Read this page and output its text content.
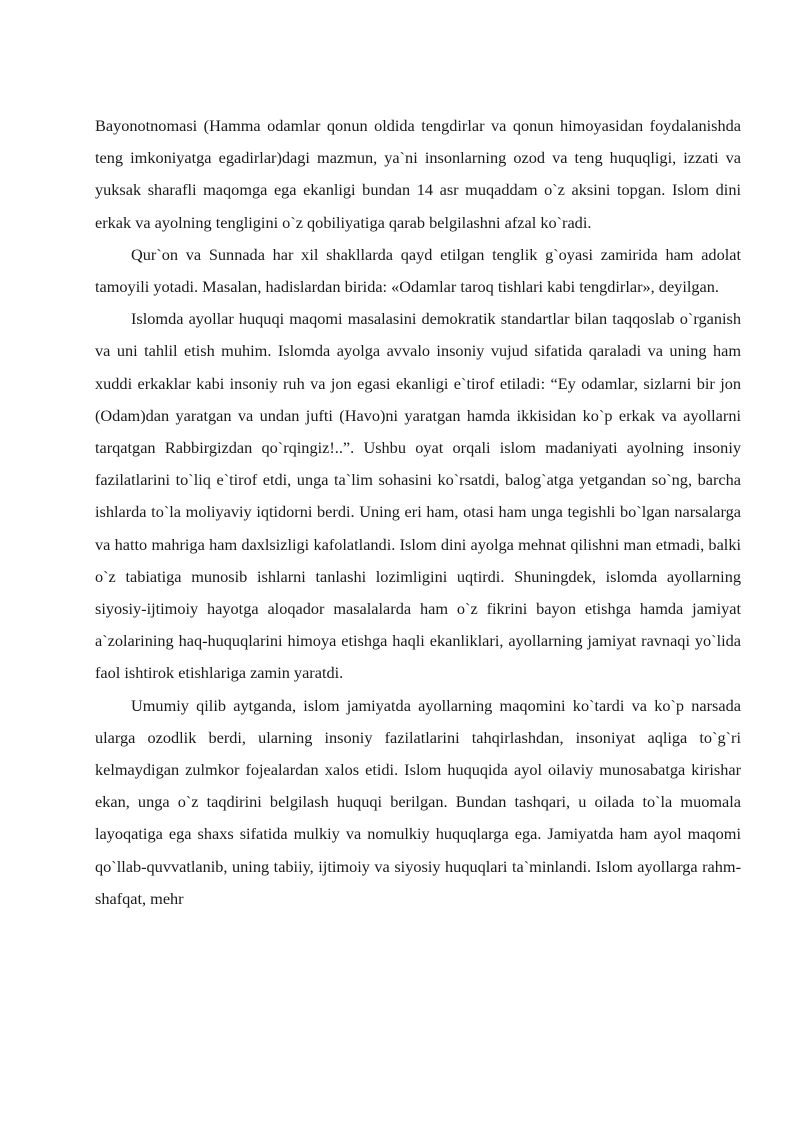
Bayonotnomasi (Hamma odamlar qonun oldida tengdirlar va qonun himoyasidan foydalanishda teng imkoniyatga egadirlar)dagi mazmun, ya`ni insonlarning ozod va teng huquqligi, izzati va yuksak sharafli maqomga ega ekanligi bundan 14 asr muqaddam o`z aksini topgan. Islom dini erkak va ayolning tengligini o`z qobiliyatiga qarab belgilashni afzal ko`radi.

Qur`on va Sunnada har xil shakllarda qayd etilgan tenglik g`oyasi zamirida ham adolat tamoyili yotadi. Masalan, hadislardan birida: «Odamlar taroq tishlari kabi tengdirlar», deyilgan.

Islomda ayollar huquqi maqomi masalasini demokratik standartlar bilan taqqoslab o`rganish va uni tahlil etish muhim. Islomda ayolga avvalo insoniy vujud sifatida qaraladi va uning ham xuddi erkaklar kabi insoniy ruh va jon egasi ekanligi e`tirof etiladi: “Ey odamlar, sizlarni bir jon (Odam)dan yaratgan va undan jufti (Havo)ni yaratgan hamda ikkisidan ko`p erkak va ayollarni tarqatgan Rabbirgizdan qo`rqingiz!..”. Ushbu oyat orqali islom madaniyati ayolning insoniy fazilatlarini to`liq e`tirof etdi, unga ta`lim sohasini ko`rsatdi, balog`atga yetgandan so`ng, barcha ishlarda to`la moliyaviy iqtidorni berdi. Uning eri ham, otasi ham unga tegishli bo`lgan narsalarga va hatto mahriga ham daxlsizligi kafolatlandi. Islom dini ayolga mehnat qilishni man etmadi, balki o`z tabiatiga munosib ishlarni tanlashi lozimligini uqtirdi. Shuningdek, islomda ayollarning siyosiy-ijtimoiy hayotga aloqador masalalarda ham o`z fikrini bayon etishga hamda jamiyat a`zolarining haq-huquqlarini himoya etishga haqli ekanliklari, ayollarning jamiyat ravnaqi yo`lida faol ishtirok etishlariga zamin yaratdi.

Umumiy qilib aytganda, islom jamiyatda ayollarning maqomini ko`tardi va ko`p narsada ularga ozodlik berdi, ularning insoniy fazilatlarini tahqirlashdan, insoniyat aqliga to`g`ri kelmaydigan zulmkor fojealardan xalos etidi. Islom huquqida ayol oilaviy munosabatga kirishar ekan, unga o`z taqdirini belgilash huquqi berilgan. Bundan tashqari, u oilada to`la muomala layoqatiga ega shaxs sifatida mulkiy va nomulkiy huquqlarga ega. Jamiyatda ham ayol maqomi qo`llab-quvvatlanib, uning tabiiy, ijtimoiy va siyosiy huquqlari ta`minlandi. Islom ayollarga rahm-shafqat, mehr
